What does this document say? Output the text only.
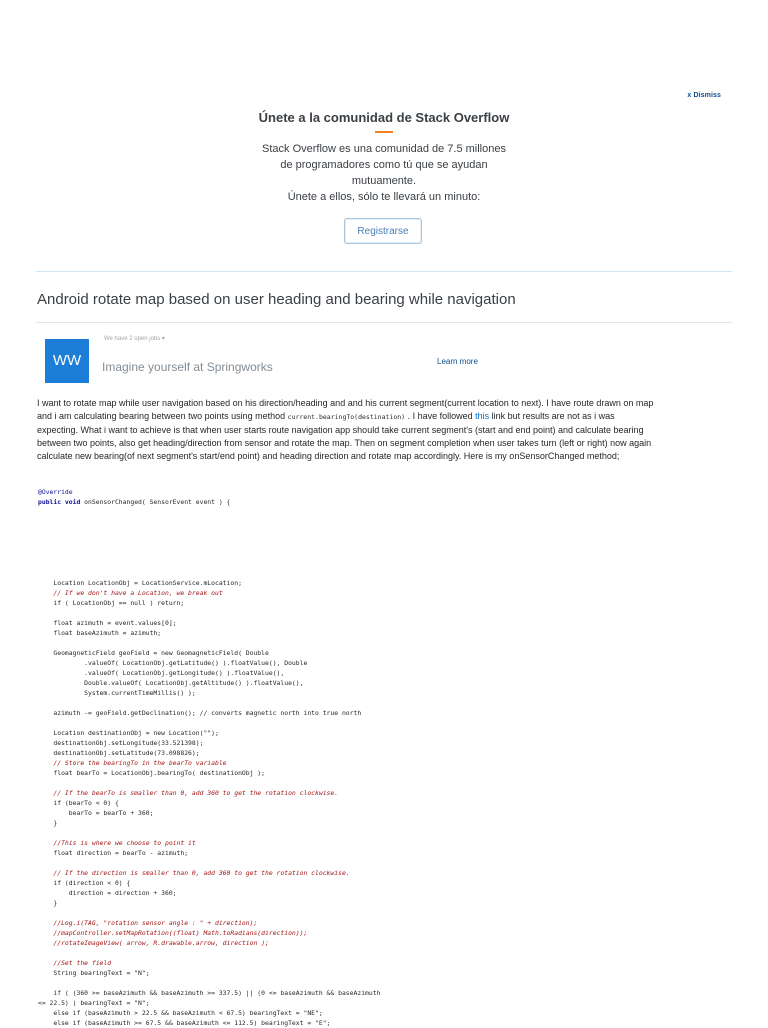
x Dismiss
Únete a la comunidad de Stack Overflow
Stack Overflow es una comunidad de 7.5 millones
de programadores como tú que se ayudan
mutuamente.
Únete a ellos, sólo te llevará un minuto:
Registrarse
Android rotate map based on user heading and bearing while navigation
We have 2 open jobs ▾
WW	Imagine yourself at Springworks	Learn more

I want to rotate map while user navigation based on his direction/heading and and his current segment(current location to next). I have route drawn on map and i am calculating bearing between two points using method current.bearingTo(destination) . I have followed this link but results are not as i was expecting. What i want to achieve is that when user starts route navigation app should take current segment's (start and end point) and calculate bearing between two points, also get heading/direction from sensor and rotate the map. Then on segment completion when user takes turn (left or right) now again calculate new bearing(of next segment's start/end point) and heading direction and rotate map accordingly. Here is my onSensorChanged method;

@Override
public void onSensorChanged( SensorEvent event ) {
Location LocationObj = LocationService.mLocation;
// If we don't have a Location, we break out
if ( LocationObj == null ) return;

float azimuth = event.values[0];
float baseAzimuth = azimuth;

GeomagneticField geoField = new GeomagneticField( Double
.valueOf( LocationObj.getLatitude() ).floatValue(), Double
.valueOf( LocationObj.getLongitude() ).floatValue(),
Double.valueOf( LocationObj.getAltitude() ).floatValue(),
System.currentTimeMillis() );

azimuth -= geoField.getDeclination(); // converts magnetic north into true north

Location destinationObj = new Location("");
destinationObj.setLongitude(33.521398);
destinationObj.setLatitude(73.098826);
// Store the bearingTo in the bearTo variable
float bearTo = LocationObj.bearingTo( destinationObj );

// If the bearTo is smaller than 0, add 360 to get the rotation clockwise.
if (bearTo < 0) {
bearTo = bearTo + 360;
}

//This is where we choose to point it
float direction = bearTo - azimuth;

// If the direction is smaller than 0, add 360 to get the rotation clockwise.
if (direction < 0) {
direction = direction + 360;
}

//Log.i(TAG, "rotation sensor angle : " + direction);
//mapController.setMapRotation((float) Math.toRadians(direction));
//rotateImageView( arrow, R.drawable.arrow, direction );

//Set the field
String bearingText = "N";

if ( (360 >= baseAzimuth && baseAzimuth >= 337.5) || (0 <= baseAzimuth && baseAzimuth
<= 22.5) ) bearingText = "N";
else if (baseAzimuth > 22.5 && baseAzimuth < 67.5) bearingText = "NE";
else if (baseAzimuth >= 67.5 && baseAzimuth <= 112.5) bearingText = "E";
